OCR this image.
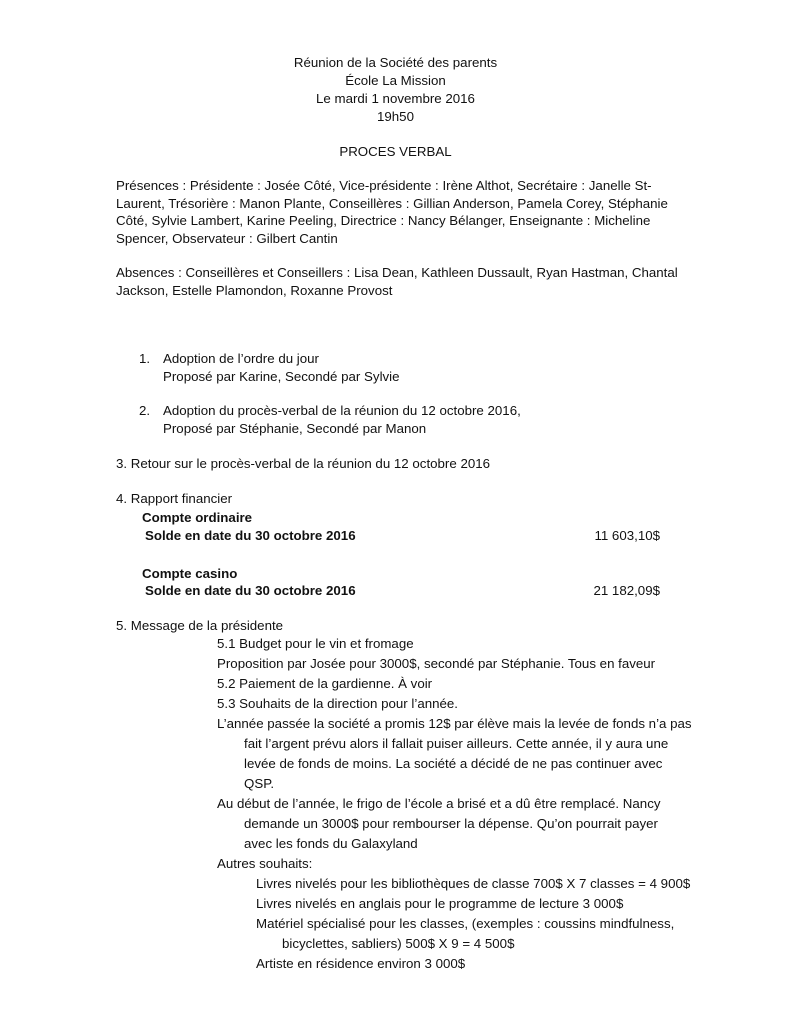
Réunion de la Société des parents
École La Mission
Le mardi 1 novembre 2016
19h50
PROCES VERBAL
Présences : Présidente : Josée Côté, Vice-présidente : Irène Althot, Secrétaire : Janelle St-
Laurent, Trésorière : Manon Plante, Conseillères : Gillian Anderson, Pamela Corey, Stéphanie
Côté, Sylvie Lambert, Karine Peeling, Directrice : Nancy Bélanger, Enseignante : Micheline
Spencer, Observateur : Gilbert Cantin
Absences : Conseillères et Conseillers : Lisa Dean, Kathleen Dussault, Ryan Hastman, Chantal
Jackson, Estelle Plamondon, Roxanne Provost
1. Adoption de l’ordre du jour
Proposé par Karine, Secondé par Sylvie
2. Adoption du procès-verbal de la réunion du 12 octobre 2016,
Proposé par Stéphanie, Secondé par Manon
3. Retour sur le procès-verbal de la réunion du 12 octobre 2016
4. Rapport financier
Compte ordinaire
Solde en date du 30 octobre 2016	11 603,10$
Compte casino
Solde en date du 30 octobre 2016	21 182,09$
5. Message de la présidente
5.1 Budget pour le vin et fromage
Proposition par Josée pour 3000$, secondé par Stéphanie. Tous en faveur
5.2 Paiement de la gardienne. À voir
5.3 Souhaits de la direction pour l’année.
L’année passée la société a promis 12$ par élève mais la levée de fonds n’a pas
fait l’argent prévu alors il fallait puiser ailleurs. Cette année, il y aura une
levée de fonds de moins. La société a décidé de ne pas continuer avec
QSP.
Au début de l’année, le frigo de l’école a brisé et a dû être remplacé. Nancy
demande un 3000$ pour rembourser la dépense. Qu’on pourrait payer
avec les fonds du Galaxyland
Autres souhaits:
Livres nivelés pour les bibliothèques de classe 700$ X 7 classes = 4 900$
Livres nivelés en anglais pour le programme de lecture 3 000$
Matériel spécialisé pour les classes, (exemples : coussins mindfulness,
bicyclettes, sabliers) 500$ X 9 = 4 500$
Artiste en résidence environ 3 000$
